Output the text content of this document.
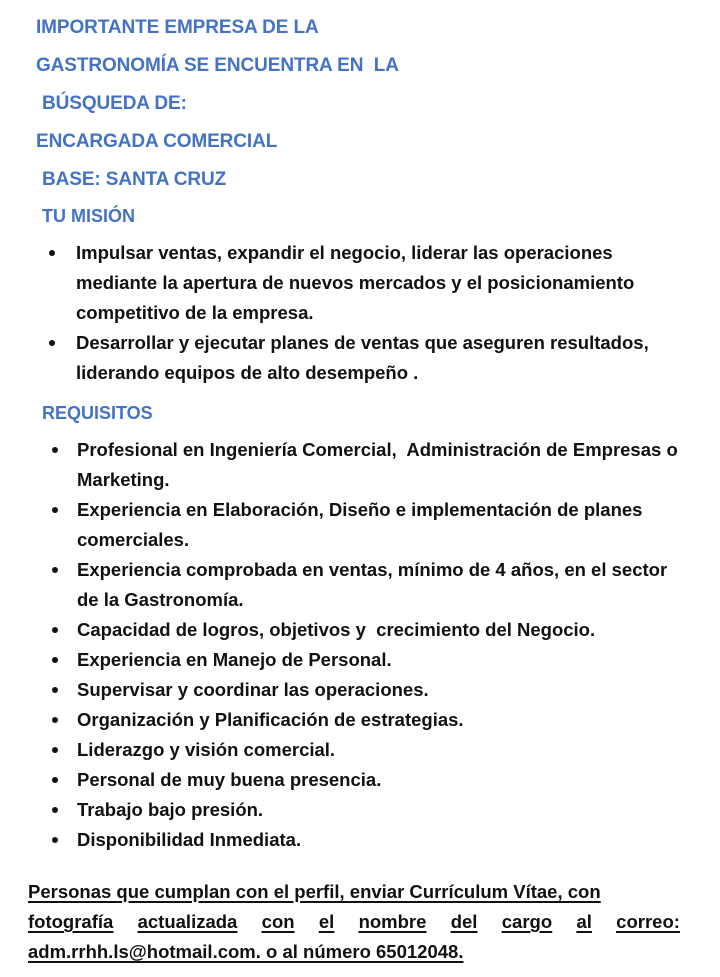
IMPORTANTE EMPRESA DE LA

GASTRONOMÍA SE ENCUENTRA EN  LA

BÚSQUEDA DE:

ENCARGADA COMERCIAL

BASE: SANTA CRUZ

TU MISIÓN
Impulsar ventas, expandir el negocio, liderar las operaciones mediante la apertura de nuevos mercados y el posicionamiento competitivo de la empresa.
Desarrollar y ejecutar planes de ventas que aseguren resultados, liderando equipos de alto desempeño .
REQUISITOS
Profesional en Ingeniería Comercial,  Administración de Empresas o Marketing.
Experiencia en Elaboración, Diseño e implementación de planes comerciales.
Experiencia comprobada en ventas, mínimo de 4 años, en el sector de la Gastronomía.
Capacidad de logros, objetivos y  crecimiento del Negocio.
Experiencia en Manejo de Personal.
Supervisar y coordinar las operaciones.
Organización y Planificación de estrategias.
Liderazgo y visión comercial.
Personal de muy buena presencia.
Trabajo bajo presión.
Disponibilidad Inmediata.

Personas que cumplan con el perfil, enviar Currículum Vítae, con
fotografía actualizada con el nombre del cargo al correo:
adm.rrhh.ls@hotmail.com. o al número 65012048.
